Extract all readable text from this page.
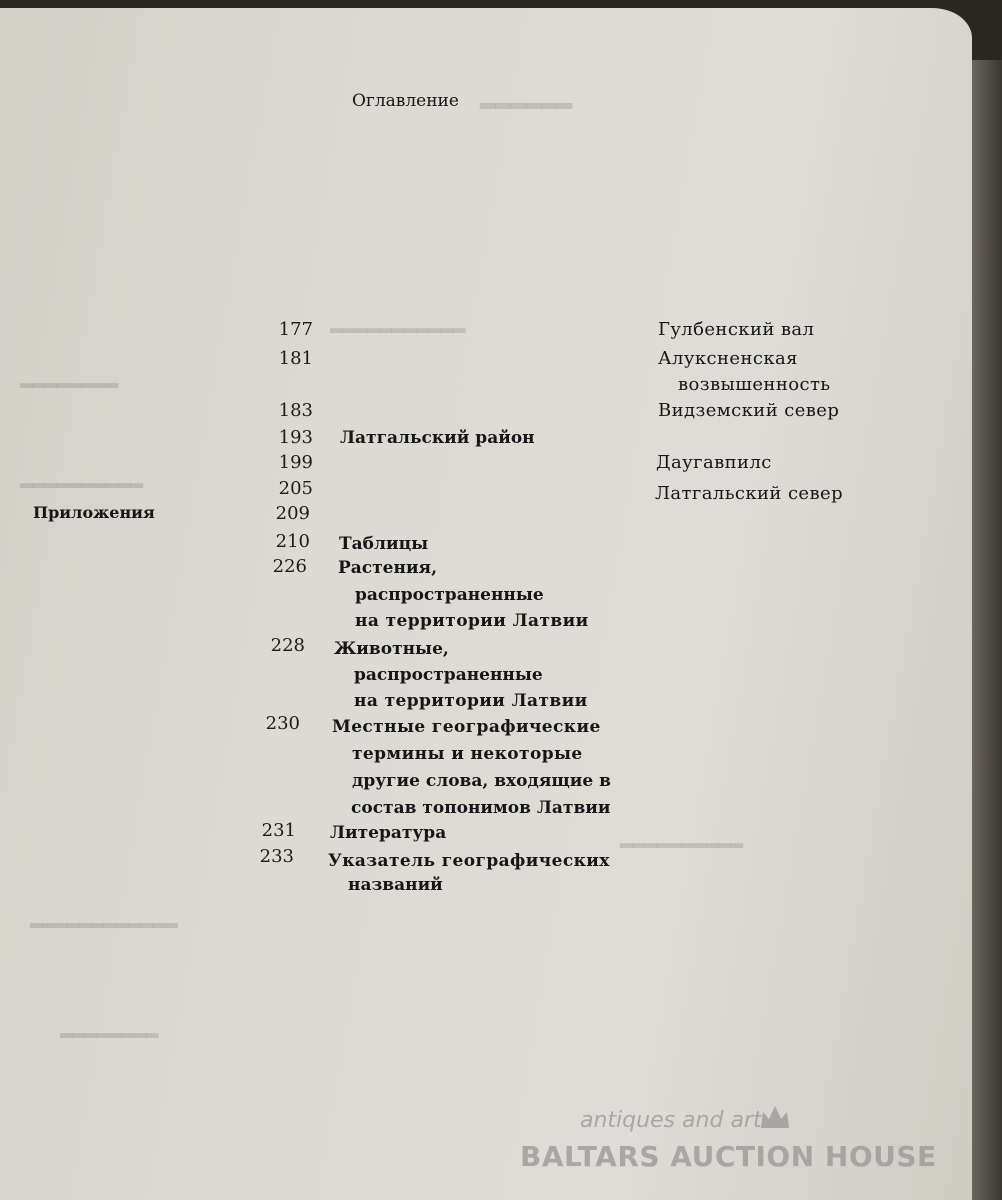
▂▂▂▂▂▂
▂▂▂▂▂▂▂▂▂▂▂
▂▂▂▂▂▂▂▂
▂▂▂▂▂▂▂▂▂▂
▂▂▂▂▂▂▂▂▂▂
▂▂▂▂▂▂▂▂▂▂▂▂
▂▂▂▂▂▂▂▂
Оглавление
177	Гулбенский вал
181	Алуксненская
возвышенность
183	Видземский север
193 Латгальский район
199	Даугавпилс
205	Латгальский север
Приложения	209
210 Таблицы
226 Растения,
распространенные
на территории Латвии
228 Животные,
распространенные
на территории Латвии
230 Местные географические
термины и некоторые
другие слова, входящие в
состав топонимов Латвии
231 Литература
233 Указатель географических
названий
antiques and art
BALTARS AUCTION HOUSE
